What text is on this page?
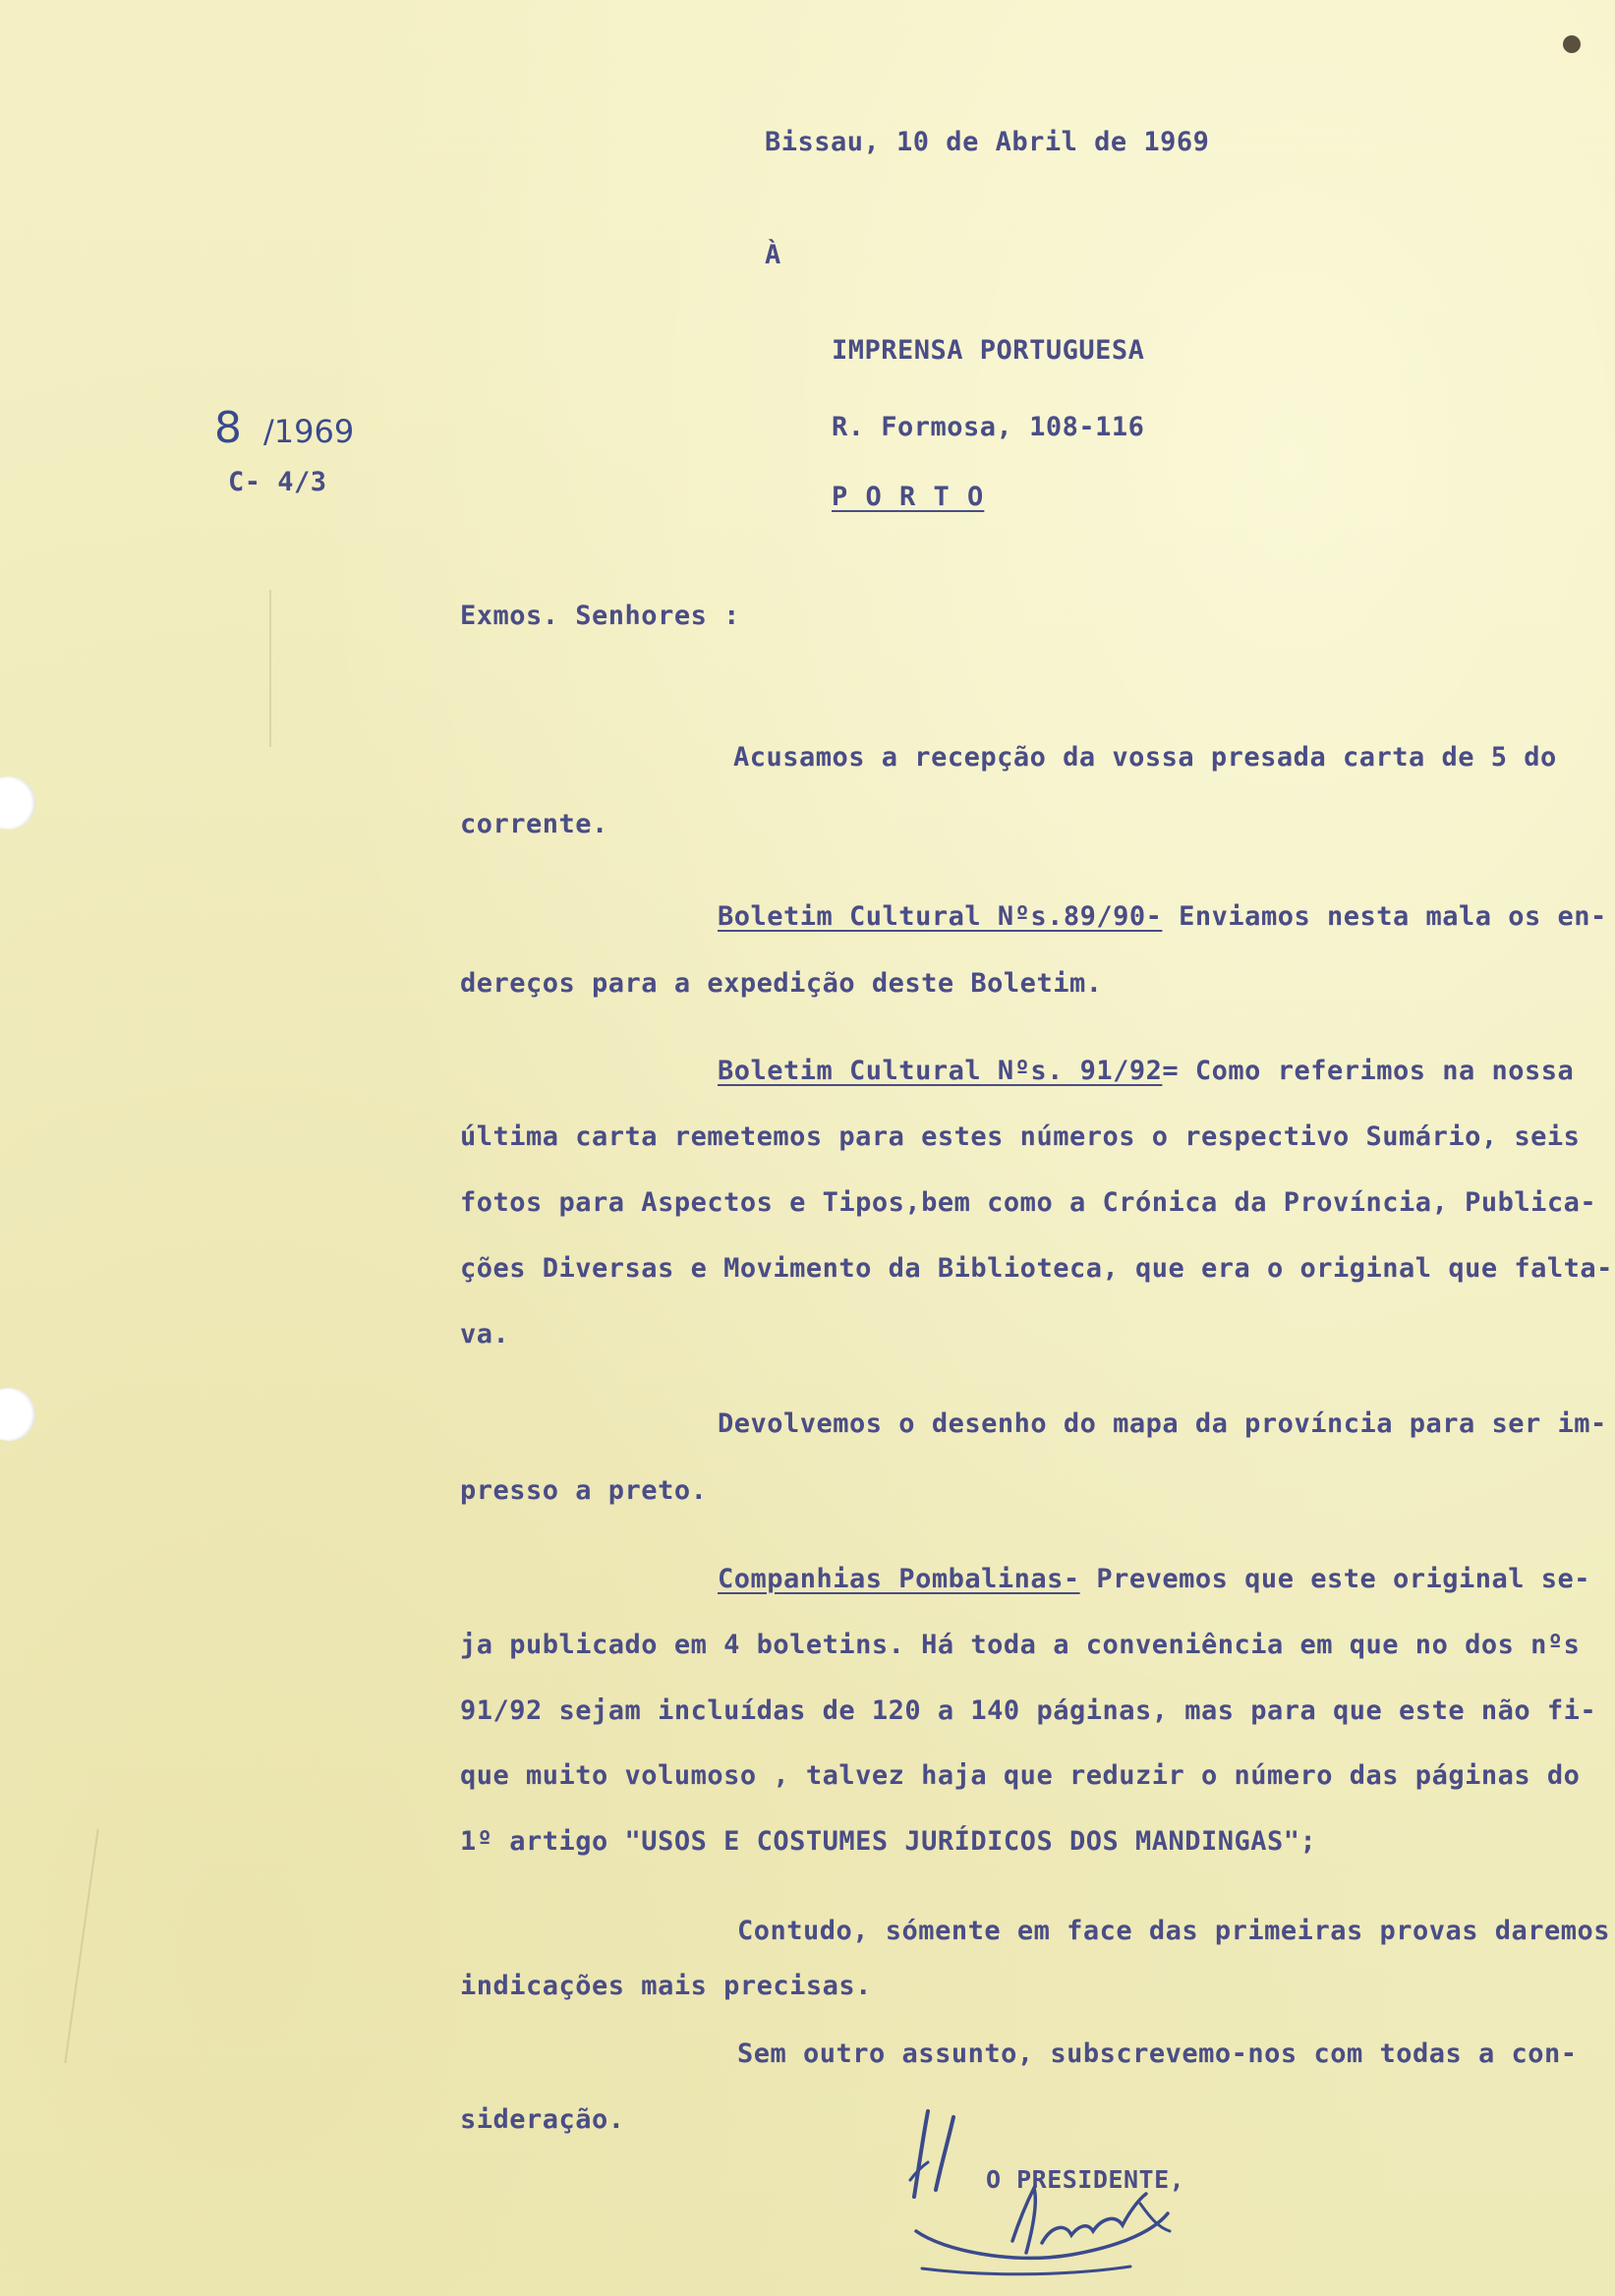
Bissau, 10 de Abril de 1969
À
IMPRENSA PORTUGUESA
R. Formosa, 108-116
P O R T O
8 /1969
C- 4/3
Exmos. Senhores :
Acusamos a recepção da vossa presada carta de 5 do
corrente.
Boletim Cultural Nºs.89/90- Enviamos nesta mala os en-
dereços para a expedição deste Boletim.
Boletim Cultural Nºs. 91/92= Como referimos na nossa
última carta remetemos para estes números o respectivo Sumário, seis
fotos para Aspectos e Tipos,bem como a Crónica da Província, Publica-
ções Diversas e Movimento da Biblioteca, que era o original que falta-
va.
Devolvemos o desenho do mapa da província para ser im-
presso a preto.
Companhias Pombalinas- Prevemos que este original se-
ja publicado em 4 boletins. Há toda a conveniência em que no dos nºs
91/92 sejam incluídas de 120 a 140 páginas, mas para que este não fi-
que muito volumoso , talvez haja que reduzir o número das páginas do
1º artigo "USOS E COSTUMES JURÍDICOS DOS MANDINGAS";
Contudo, sómente em face das primeiras provas daremos
indicações mais precisas.
Sem outro assunto, subscrevemo-nos com todas a con-
sideração.
O PRESIDENTE,
